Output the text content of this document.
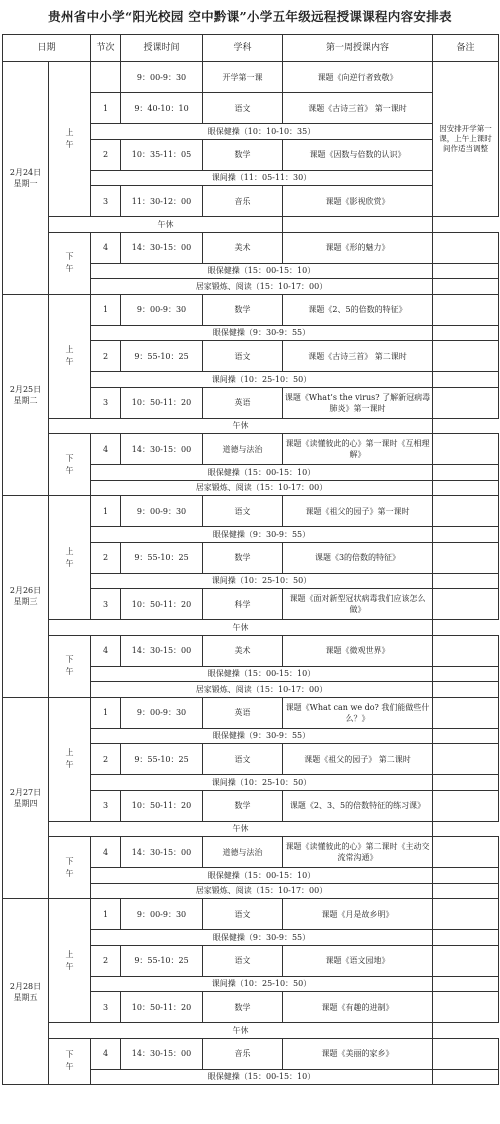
贵州省中小学“阳光校园 空中黔课”小学五年级远程授课课程内容安排表
日期		节次	授课时间	学科	第一周授课内容	备注

2月24日
星期一	上午		9：00-9：30	开学第一课	课题《向逆行者致敬》	因安排开学第一课，上午上课时间作适当调整

		1	9：40-10：10	语文	课题《古诗三首》 第一课时	
		眼保健操（10：10-10：35）				
		2	10：35-11：05	数学	课题《因数与倍数的认识》	
		课间操（11：05-11：30）				
		3	11：30-12：00	音乐	课题《影视欣赏》	
	午休					
	下午	4	14：30-15：00	美术	课题《形的魅力》	
		眼保健操（15：00-15：10）				
		居家锻炼、阅读（15：10-17：00）				

2月25日
星期二	上午	1	9：00-9：30	数学	课题《2、5的倍数的特征》	
		眼保健操（9：30-9：55）				
		2	9：55-10：25	语文	课题《古诗三首》 第二课时	
		课间操（10：25-10：50）				
		3	10：50-11：20	英语	课题《What’s the virus? 了解新冠病毒肺炎》第一课时	
	午休					
	下午	4	14：30-15：00	道德与法治	课题《读懂彼此的心》第一课时《互相理解》	
		眼保健操（15：00-15：10）				
		居家锻炼、阅读（15：10-17：00）				

2月26日
星期三	上午	1	9：00-9：30	语文	课题《祖父的园子》第一课时	
		眼保健操（9：30-9：55）				
		2	9：55-10：25	数学	课题《3的倍数的特征》	
		课间操（10：25-10：50）				
		3	10：50-11：20	科学	课题《面对新型冠状病毒我们应该怎么做》	
	午休					
	下午	4	14：30-15：00	美术	课题《微观世界》	
		眼保健操（15：00-15：10）				
		居家锻炼、阅读（15：10-17：00）				

2月27日
星期四	上午	1	9：00-9：30	英语	课题《What can we do? 我们能做些什么？》	
		眼保健操（9：30-9：55）				
		2	9：55-10：25	语文	课题《祖父的园子》 第二课时	
		课间操（10：25-10：50）				
		3	10：50-11：20	数学	课题《2、3、5的倍数特征的练习课》	
	午休					
	下午	4	14：30-15：00	道德与法治	课题《读懂彼此的心》第二课时《主动交流常沟通》	
		眼保健操（15：00-15：10）				
		居家锻炼、阅读（15：10-17：00）				

2月28日
星期五	上午	1	9：00-9：30	语文	课题《月是故乡明》	
		眼保健操（9：30-9：55）				
		2	9：55-10：25	语文	课题《语文园地》	
		课间操（10：25-10：50）				
		3	10：50-11：20	数学	课题《有趣的进制》	
	午休					
	下午	4	14：30-15：00	音乐	课题《美丽的家乡》	
		眼保健操（15：00-15：10）				
